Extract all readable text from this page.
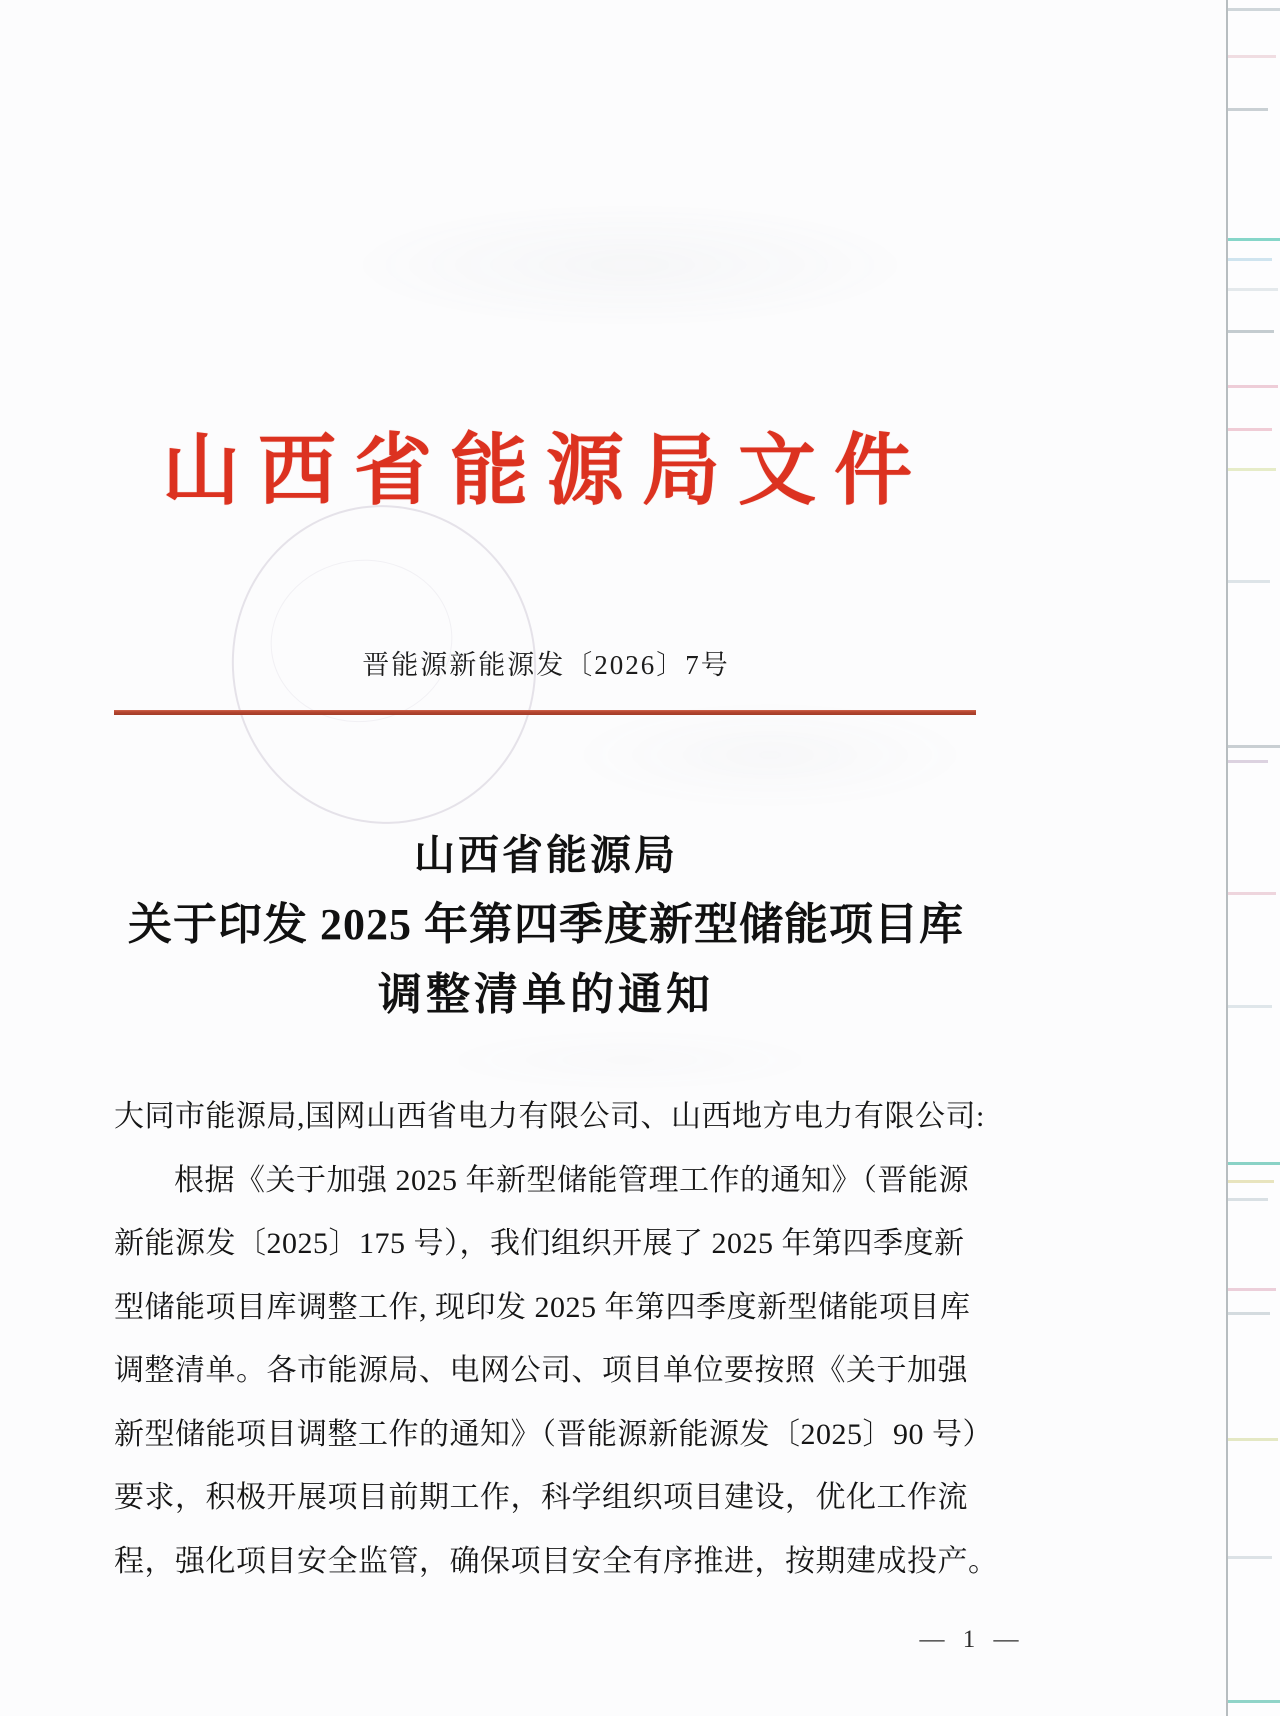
山西省能源局文件
晋能源新能源发〔2026〕7号
山西省能源局
关于印发 2025 年第四季度新型储能项目库
调整清单的通知
大同市能源局,国网山西省电力有限公司、山西地方电力有限公司:
根据《关于加强 2025 年新型储能管理工作的通知》（晋能源
新能源发〔2025〕175 号），我们组织开展了 2025 年第四季度新
型储能项目库调整工作, 现印发 2025 年第四季度新型储能项目库
调整清单。各市能源局、电网公司、项目单位要按照《关于加强
新型储能项目调整工作的通知》（晋能源新能源发〔2025〕90 号）
要求，积极开展项目前期工作，科学组织项目建设，优化工作流
程，强化项目安全监管，确保项目安全有序推进，按期建成投产。
— 1 —
